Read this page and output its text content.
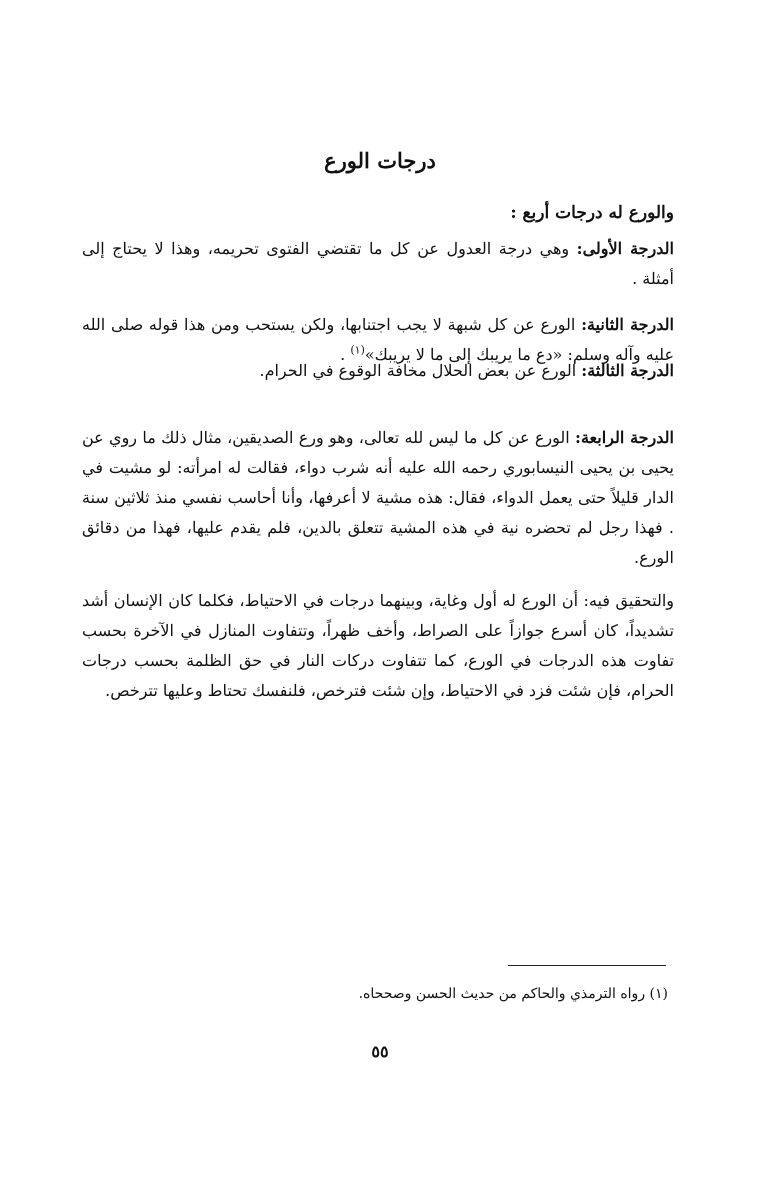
درجات الورع
والورع له درجات أربع :

الدرجة الأولى: وهي درجة العدول عن كل ما تقتضي الفتوى تحريمه، وهذا لا يحتاج إلى أمثلة .

الدرجة الثانية: الورع عن كل شبهة لا يجب اجتنابها، ولكن يستحب ومن هذا قوله صلى الله عليه وآله وسلم: «دع ما يريبك إلى ما لا يريبك»$^{(١)}$ .

الدرجة الثالثة: الورع عن بعض الحلال مخافة الوقوع في الحرام.

الدرجة الرابعة: الورع عن كل ما ليس لله تعالى، وهو ورع الصديقين، مثال ذلك ما روي عن يحيى بن يحيى النيسابوري رحمه الله عليه أنه شرب دواء، فقالت له امرأته: لو مشيت في الدار قليلاً حتى يعمل الدواء، فقال: هذه مشية لا أعرفها، وأنا أحاسب نفسي منذ ثلاثين سنة . فهذا رجل لم تحضره نية في هذه المشية تتعلق بالدين، فلم يقدم عليها، فهذا من دقائق الورع.

والتحقيق فيه: أن الورع له أول وغاية، وبينهما درجات في الاحتياط، فكلما كان الإنسان أشد تشديداً، كان أسرع جوازاً على الصراط، وأخف ظهراً، وتتفاوت المنازل في الآخرة بحسب تفاوت هذه الدرجات في الورع، كما تتفاوت دركات النار في حق الظلمة بحسب درجات الحرام، فإن شئت فزد في الاحتياط، وإن شئت فترخص، فلنفسك تحتاط وعليها تترخص.

(١) رواه الترمذي والحاكم من حديث الحسن وصححاه.
٥٥
